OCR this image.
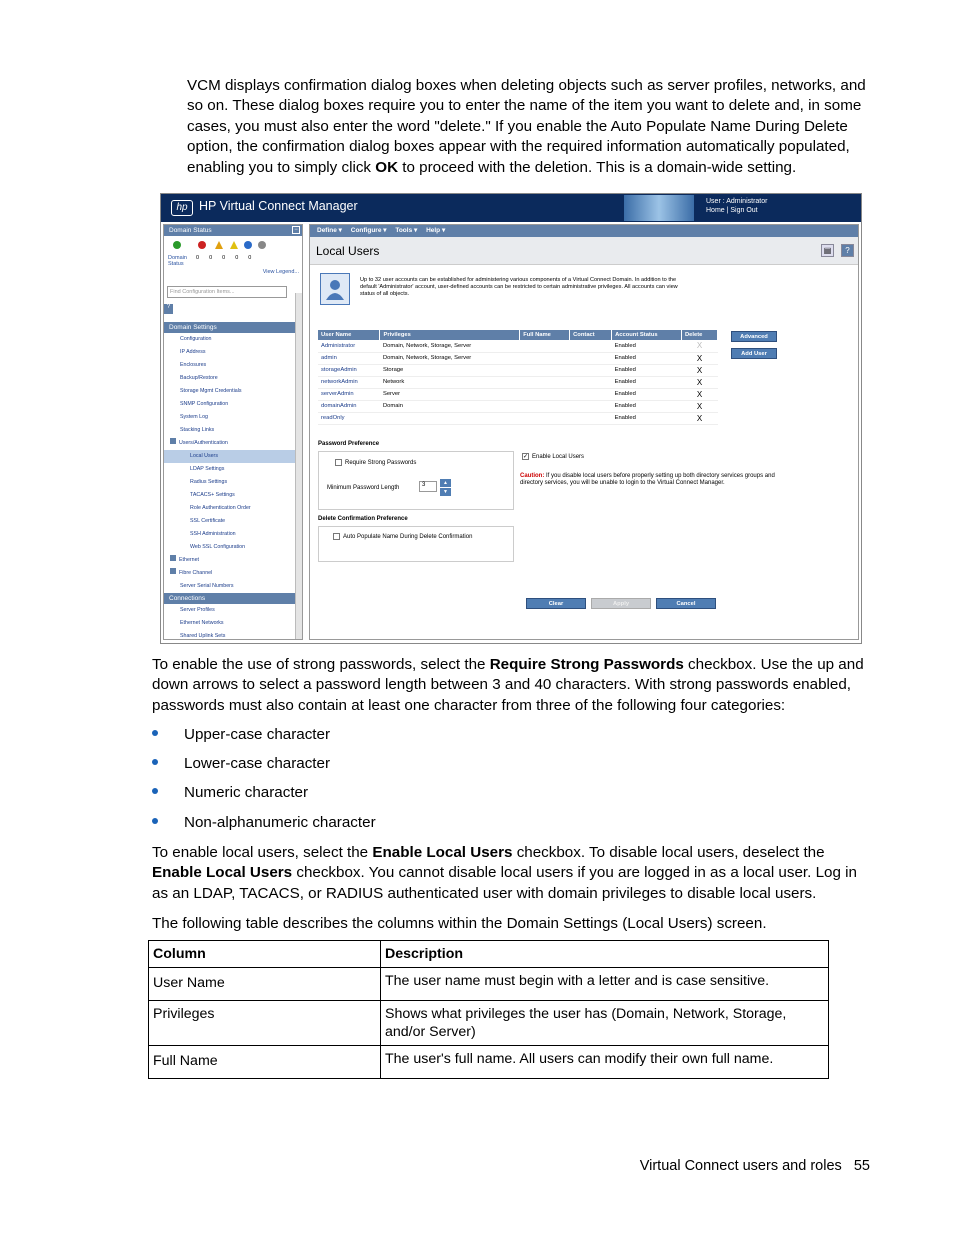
VCM displays confirmation dialog boxes when deleting objects such as server profiles, networks, and so on. These dialog boxes require you to enter the name of the item you want to delete and, in some cases, you must also enter the word "delete." If you enable the Auto Populate Name During Delete option, the confirmation dialog boxes appear with the required information automatically populated, enabling you to simply click OK to proceed with the deletion. This is a domain-wide setting.

hp HP Virtual Connect Manager	User : Administrator
Home | Sign Out
Domain Status	−
Domain
Status
0 0 0 0 0
View Legend...
Find Configuration Items... ?
Domain Settings
Configuration
IP Address
Enclosures
Backup/Restore
Storage Mgmt Credentials
SNMP Configuration
System Log
Stacking Links
Users/Authentication
Local Users
LDAP Settings
Radius Settings
TACACS+ Settings
Role Authentication Order
SSL Certificate
SSH Administration
Web SSL Configuration
Ethernet
Fibre Channel
Server Serial Numbers
Connections
Server Profiles
Ethernet Networks
Shared Uplink Sets
Define ▾ Configure ▾ Tools ▾ Help ▾
Local Users	▤	?
Up to 32 user accounts can be established for administering various components of a Virtual Connect Domain. In addition to the default 'Administrator' account, user-defined accounts can be restricted to certain administrative privileges. All accounts can view status of all objects.
User Name	Privileges	Full Name	Contact	Account Status	Delete
Administrator	Domain, Network, Storage, Server			Enabled	X
admin	Domain, Network, Storage, Server			Enabled	X
storageAdmin	Storage			Enabled	X
networkAdmin	Network			Enabled	X
serverAdmin	Server			Enabled	X
domainAdmin	Domain			Enabled	X
readOnly				Enabled	X
Advanced
Add User
Password Preference
Require Strong Passwords
Minimum Password Length	3	▲
▼
✓ Enable Local Users
Caution: If you disable local users before properly setting up both directory services groups and directory services, you will be unable to login to the Virtual Connect Manager.
Delete Confirmation Preference
Auto Populate Name During Delete Confirmation
Clear	Apply	Cancel

To enable the use of strong passwords, select the Require Strong Passwords checkbox. Use the up and down arrows to select a password length between 3 and 40 characters. With strong passwords enabled, passwords must also contain at least one character from three of the following four categories:

Upper-case character
Lower-case character
Numeric character
Non-alphanumeric character

To enable local users, select the Enable Local Users checkbox. To disable local users, deselect the Enable Local Users checkbox. You cannot disable local users if you are logged in as a local user. Log in as an LDAP, TACACS, or RADIUS authenticated user with domain privileges to disable local users.

The following table describes the columns within the Domain Settings (Local Users) screen.

Column	Description
User Name	The user name must begin with a letter and is case sensitive.
Privileges	Shows what privileges the user has (Domain, Network, Storage, and/or Server)
Full Name	The user's full name. All users can modify their own full name.
Virtual Connect users and roles 55
